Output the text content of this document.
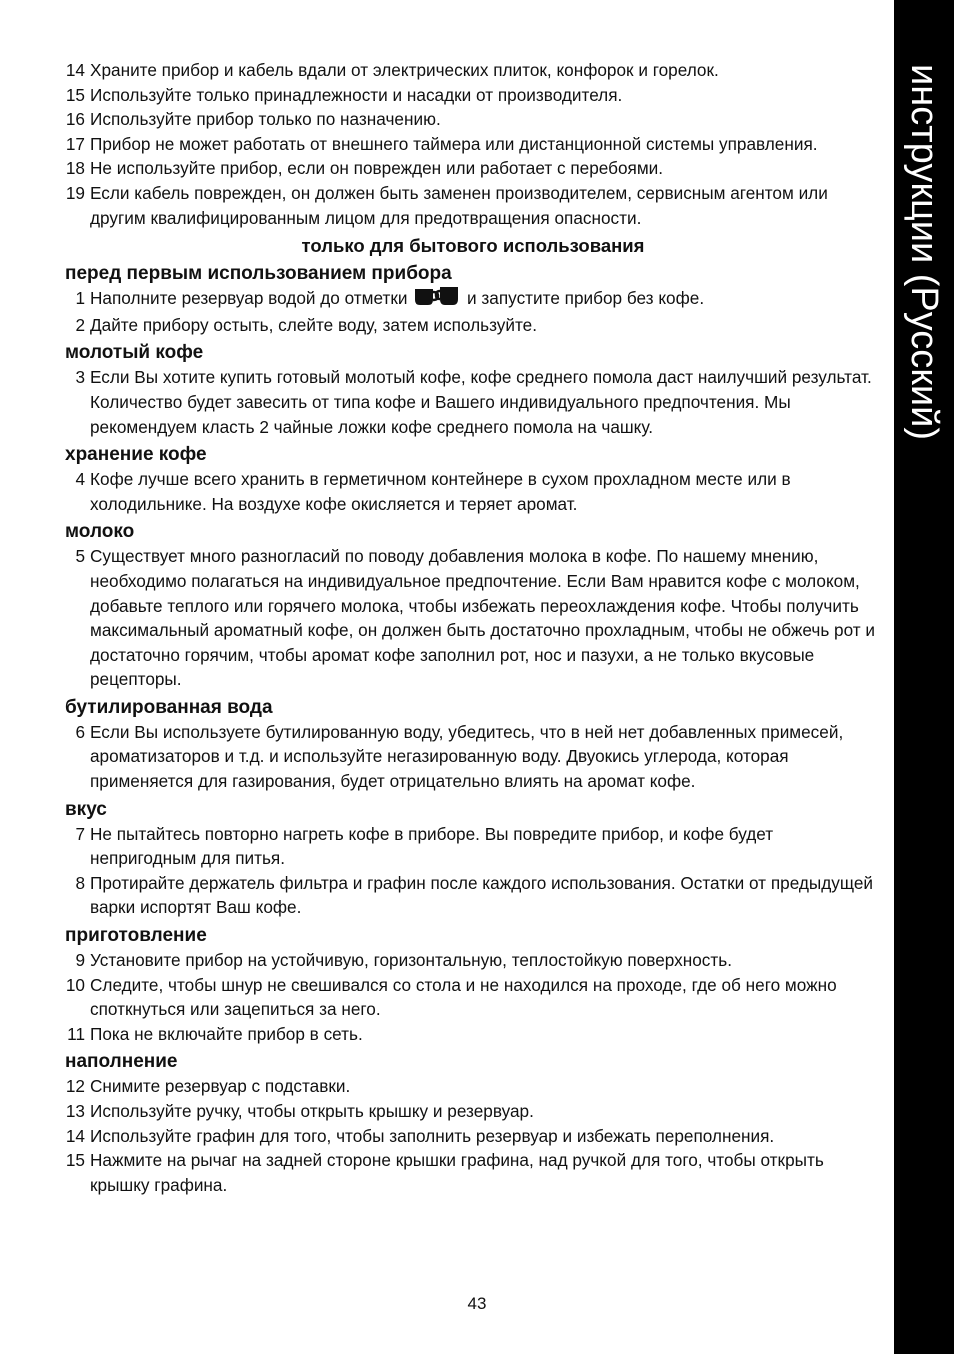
инструкции (Русский)
14 Храните прибор и кабель вдали от электрических плиток, конфорок и горелок.
15 Используйте только принадлежности и насадки от производителя.
16 Используйте прибор только по назначению.
17 Прибор не может работать от внешнего таймера или дистанционной системы управления.
18 Не используйте прибор, если он поврежден или работает с перебоями.
19 Если кабель поврежден, он должен быть заменен производителем, сервисным агентом или другим квалифицированным лицом для предотвращения опасности.
только для бытового использования
перед первым использованием прибора
1 Наполните резервуар водой до отметки	и запустите прибор без кофе.
2 Дайте прибору остыть, слейте воду, затем используйте.
молотый кофе
3 Если Вы хотите купить готовый молотый кофе, кофе среднего помола даст наилучший результат. Количество будет завесить от типа кофе и Вашего индивидуального предпочтения. Мы рекомендуем класть 2 чайные ложки кофе среднего помола на чашку.
хранение кофе
4 Кофе лучше всего хранить в герметичном контейнере в сухом прохладном месте или в холодильнике. На воздухе кофе окисляется и теряет аромат.
молоко
5 Существует много разногласий по поводу добавления молока в кофе. По нашему мнению, необходимо полагаться на индивидуальное предпочтение. Если Вам нравится кофе с молоком, добавьте теплого или горячего молока, чтобы избежать переохлаждения кофе. Чтобы получить максимальный ароматный кофе, он должен быть достаточно прохладным, чтобы не обжечь рот и достаточно горячим, чтобы аромат кофе заполнил рот, нос и пазухи, а не только вкусовые рецепторы.
бутилированная вода
6 Если Вы используете бутилированную воду, убедитесь, что в ней нет добавленных примесей, ароматизаторов и т.д. и используйте негазированную воду. Двуокись углерода, которая применяется для газирования, будет отрицательно влиять на аромат кофе.
вкус
7 Не пытайтесь повторно нагреть кофе в приборе. Вы повредите прибор, и кофе будет непригодным для питья.
8 Протирайте держатель фильтра и графин после каждого использования. Остатки от предыдущей варки испортят Ваш кофе.
приготовление
9 Установите прибор на устойчивую, горизонтальную, теплостойкую поверхность.
10 Следите, чтобы шнур не свешивался со стола и не находился на проходе, где об него можно споткнуться или зацепиться за него.
11 Пока не включайте прибор в сеть.
наполнение
12 Снимите резервуар с подставки.
13 Используйте ручку, чтобы открыть крышку и резервуар.
14 Используйте графин для того, чтобы заполнить резервуар и избежать переполнения.
15 Нажмите на рычаг на задней стороне крышки графина, над ручкой для того, чтобы открыть крышку графина.
43
